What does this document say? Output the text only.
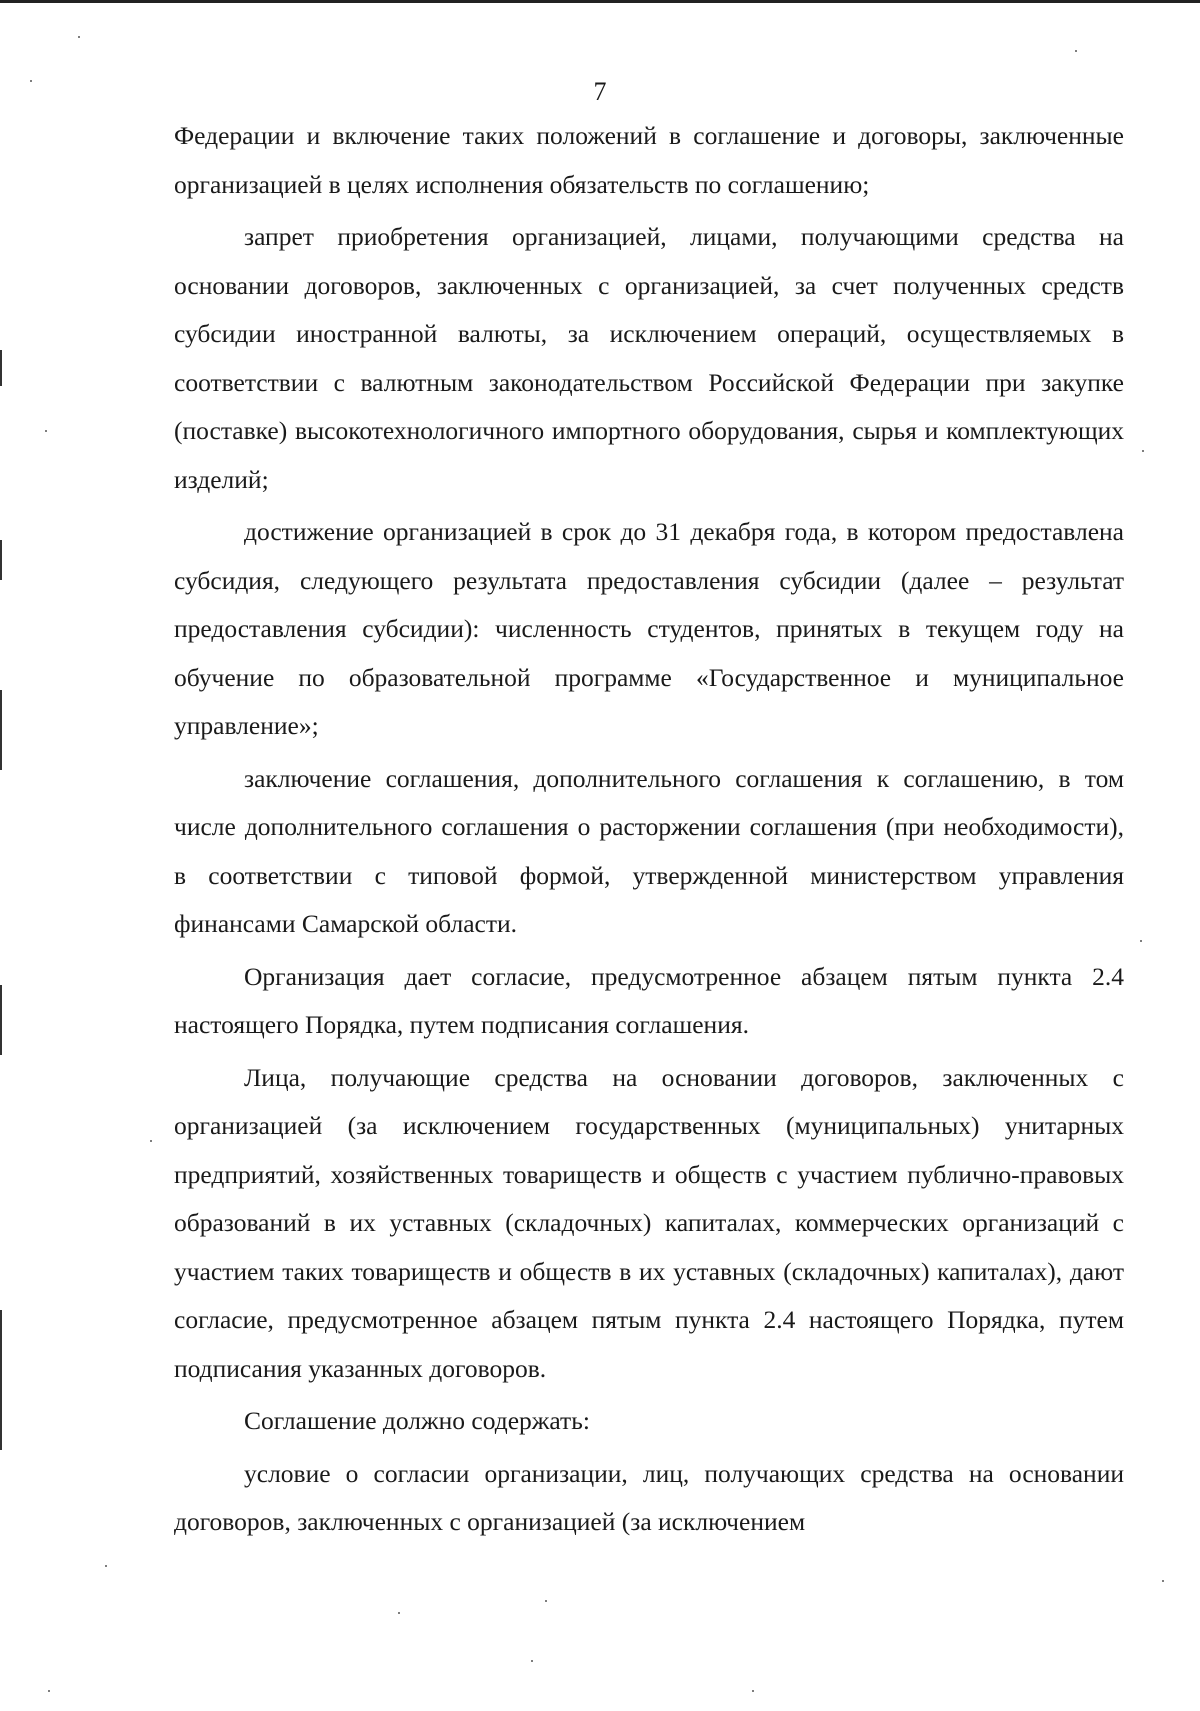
7

Федерации и включение таких положений в соглашение и договоры, заключенные организацией в целях исполнения обязательств по соглашению;

запрет приобретения организацией, лицами, получающими средства на основании договоров, заключенных с организацией, за счет полученных средств субсидии иностранной валюты, за исключением операций, осуществляемых в соответствии с валютным законодательством Российской Федерации при закупке (поставке) высокотехнологичного импортного оборудования, сырья и комплектующих изделий;

достижение организацией в срок до 31 декабря года, в котором предоставлена субсидия, следующего результата предоставления субсидии (далее – результат предоставления субсидии): численность студентов, принятых в текущем году на обучение по образовательной программе «Государственное и муниципальное управление»;

заключение соглашения, дополнительного соглашения к соглашению, в том числе дополнительного соглашения о расторжении соглашения (при необходимости), в соответствии с типовой формой, утвержденной министерством управления финансами Самарской области.

Организация дает согласие, предусмотренное абзацем пятым пункта 2.4 настоящего Порядка, путем подписания соглашения.

Лица, получающие средства на основании договоров, заключенных с организацией (за исключением государственных (муниципальных) унитарных предприятий, хозяйственных товариществ и обществ с участием публично-правовых образований в их уставных (складочных) капиталах, коммерческих организаций с участием таких товариществ и обществ в их уставных (складочных) капиталах), дают согласие, предусмотренное абзацем пятым пункта 2.4 настоящего Порядка, путем подписания указанных договоров.

Соглашение должно содержать:

условие о согласии организации, лиц, получающих средства на основании договоров, заключенных с организацией (за исключением
